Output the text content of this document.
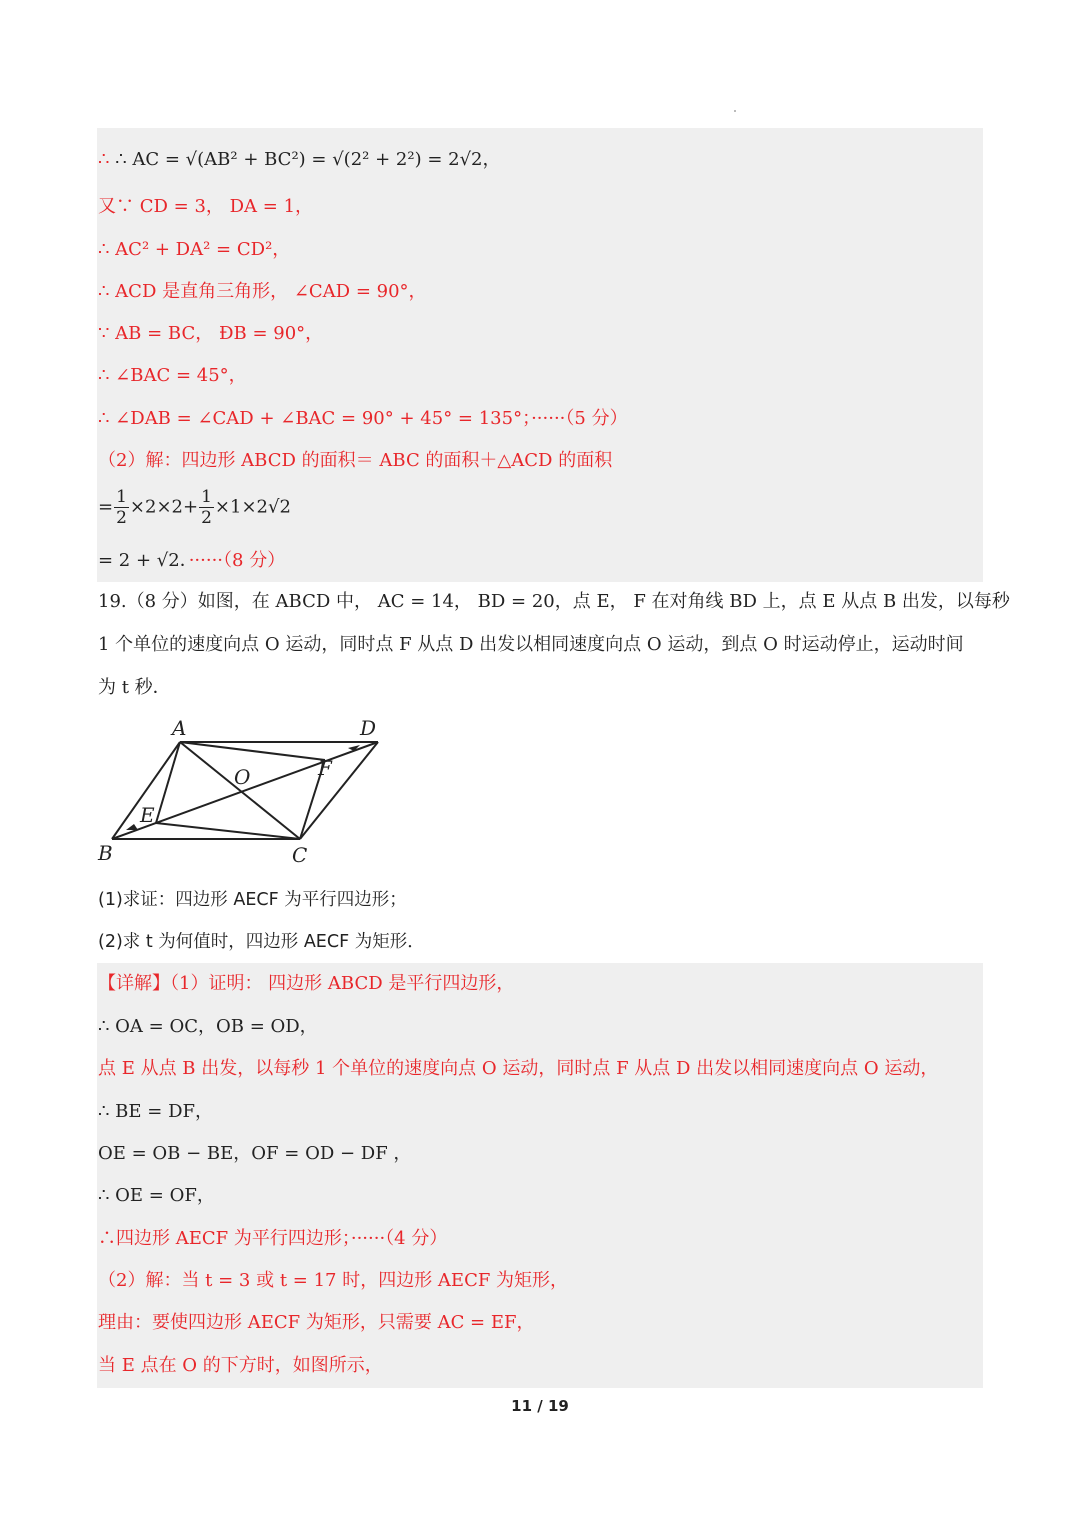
∴ ∴ AC = √(AB² + BC²) = √(2² + 2²) = 2√2，
又∵ CD = 3， DA = 1，
∴ AC² + DA² = CD²，
∴ ACD 是直角三角形， ∠CAD = 90°，
∵ AB = BC， ÐB = 90°，
∴ ∠BAC = 45°，
∴ ∠DAB = ∠CAD + ∠BAC = 90° + 45° = 135°；······（5 分）
（2）解：四边形 ABCD 的面积＝ ABC 的面积＋△ACD 的面积
= $\frac{1}{2} \times 2\times 2+ \frac{1}{2} \times 1\times 2√2$
= 2 + √2．······（8 分）
19.（8 分）如图，在 ABCD 中， AC = 14， BD = 20，点 E， F 在对角线 BD 上，点 E 从点 B 出发，以每秒
1 个单位的速度向点 O 运动，同时点 F 从点 D 出发以相同速度向点 O 运动，到点 O 时运动停止，运动时间
为 t 秒．
A	D
O	F
E
B	C
(1)求证：四边形 AECF 为平行四边形；
(2)求 t 为何值时，四边形 AECF 为矩形．
【详解】（1）证明： 四边形 ABCD 是平行四边形，
∴ OA = OC，OB = OD，
点 E 从点 B 出发，以每秒 1 个单位的速度向点 O 运动，同时点 F 从点 D 出发以相同速度向点 O 运动，
∴ BE = DF，
OE = OB − BE，OF = OD − DF ，
∴ OE = OF，
∴四边形 AECF 为平行四边形；······（4 分）
（2）解：当 t = 3 或 t = 17 时，四边形 AECF 为矩形，
理由：要使四边形 AECF 为矩形，只需要 AC = EF，
当 E 点在 O 的下方时，如图所示，
11 / 19
